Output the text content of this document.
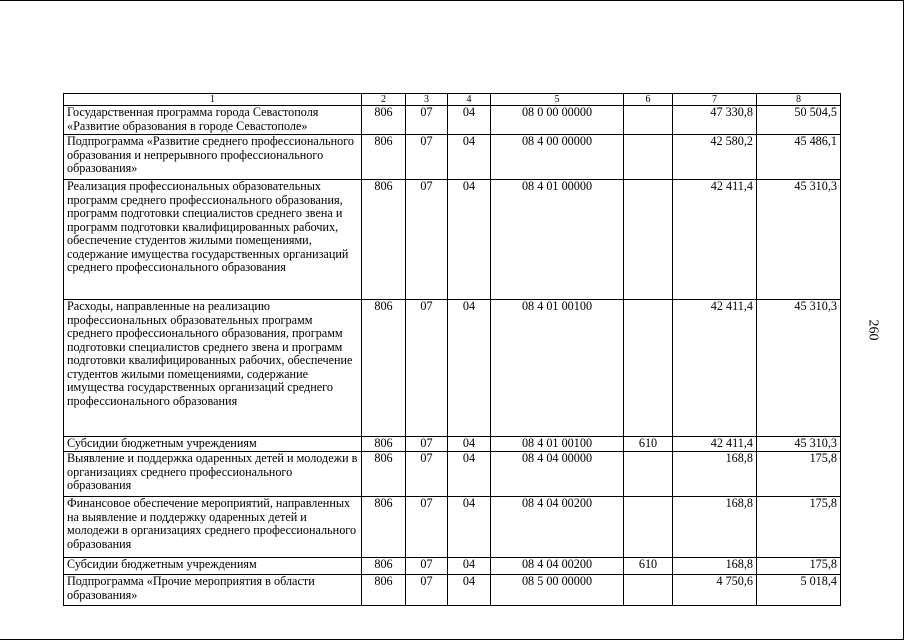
260
1	2	3	4	5	6	7	8
Государственная программа города Севастополя «Развитие образования в городе Севастополе»	806	07	04	08 0 00 00000		47 330,8	50 504,5
Подпрограмма «Развитие среднего профессионального образования и непрерывного профессионального образования»	806	07	04	08 4 00 00000		42 580,2	45 486,1
Реализация профессиональных образовательных программ среднего профессионального образования, программ подготовки специалистов среднего звена и программ подготовки квалифицированных рабочих, обеспечение студентов жилыми помещениями, содержание имущества государственных организаций среднего профессионального образования	806	07	04	08 4 01 00000		42 411,4	45 310,3
Расходы, направленные на реализацию профессиональных образовательных программ среднего профессионального образования, программ подготовки специалистов среднего звена и программ подготовки квалифицированных рабочих, обеспечение студентов жилыми помещениями, содержание имущества государственных организаций среднего профессионального образования	806	07	04	08 4 01 00100		42 411,4	45 310,3
Субсидии бюджетным учреждениям	806	07	04	08 4 01 00100	610	42 411,4	45 310,3
Выявление и поддержка одаренных детей и молодежи в организациях среднего профессионального образования	806	07	04	08 4 04 00000		168,8	175,8
Финансовое обеспечение мероприятий, направленных на выявление и поддержку одаренных детей и молодежи в организациях среднего профессионального образования	806	07	04	08 4 04 00200		168,8	175,8
Субсидии бюджетным учреждениям	806	07	04	08 4 04 00200	610	168,8	175,8
Подпрограмма «Прочие мероприятия в области образования»	806	07	04	08 5 00 00000		4 750,6	5 018,4
